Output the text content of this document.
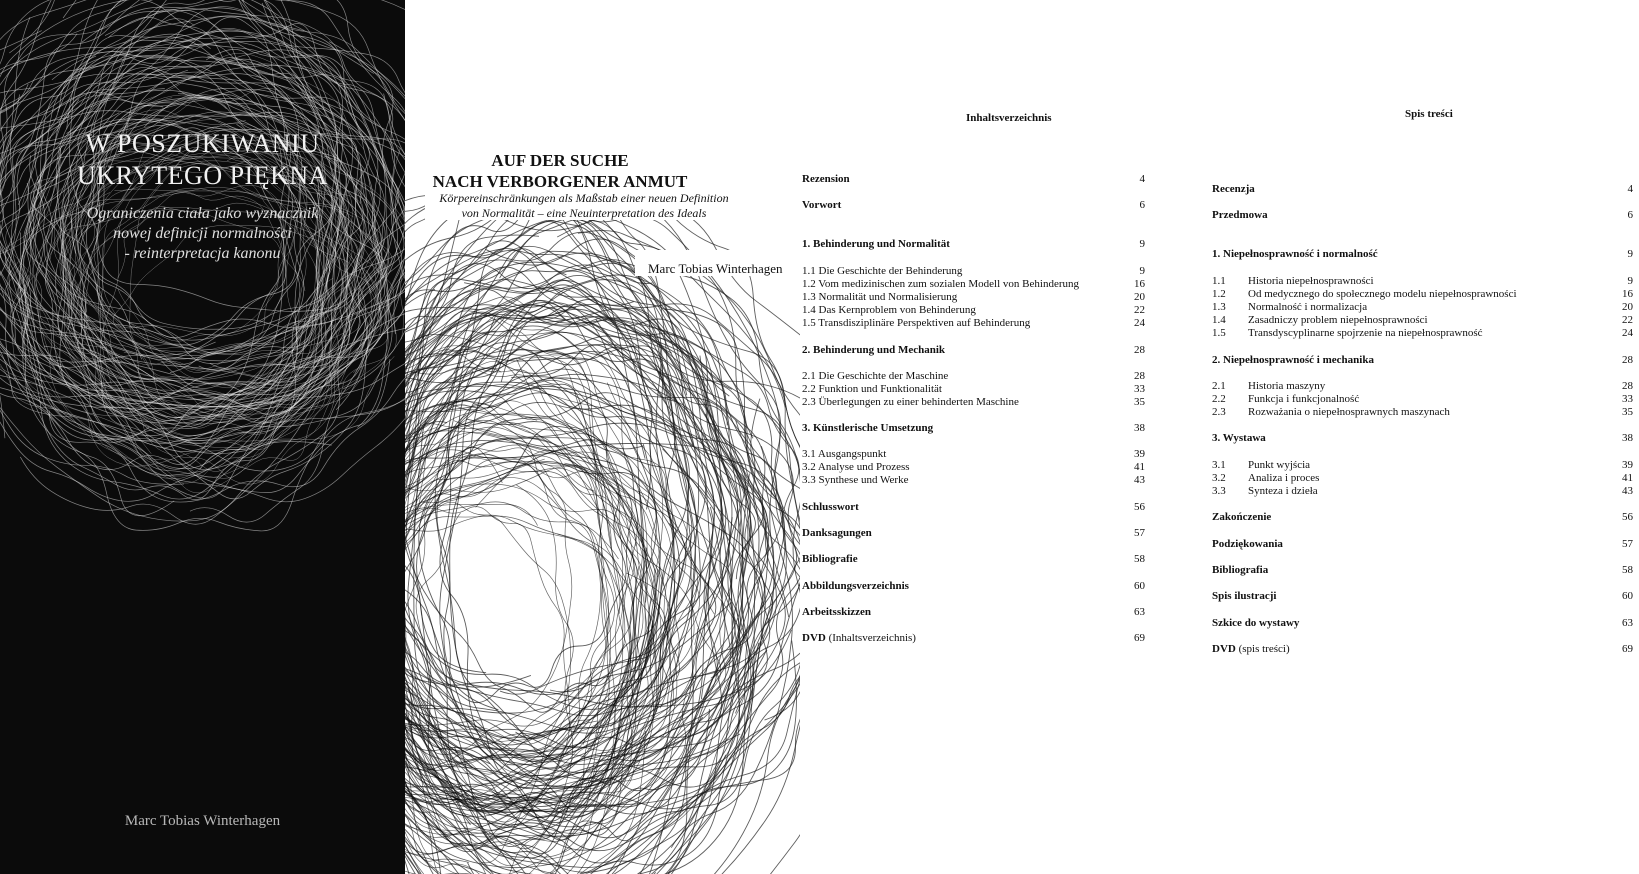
W POSZUKIWANIU
UKRYTEGO PIĘKNA
Ograniczenia ciała jako wyznacznik
nowej definicji normalności
- reinterpretacja kanonu
Marc Tobias Winterhagen
AUF DER SUCHE
NACH VERBORGENER ANMUT
Körpereinschränkungen als Maßstab einer neuen Definition
von Normalität – eine Neuinterpretation des Ideals
Marc Tobias Winterhagen
Inhaltsverzeichnis
Rezension	4
Vorwort	6
1. Behinderung und Normalität	9
1.1 Die Geschichte der Behinderung	9
1.2 Vom medizinischen zum sozialen Modell von Behinderung	16
1.3 Normalität und Normalisierung	20
1.4 Das Kernproblem von Behinderung	22
1.5 Transdisziplinäre Perspektiven auf Behinderung	24
2. Behinderung und Mechanik	28
2.1 Die Geschichte der Maschine	28
2.2 Funktion und Funktionalität	33
2.3 Überlegungen zu einer behinderten Maschine	35
3. Künstlerische Umsetzung	38
3.1 Ausgangspunkt	39
3.2 Analyse und Prozess	41
3.3 Synthese und Werke	43
Schlusswort	56
Danksagungen	57
Bibliografie	58
Abbildungsverzeichnis	60
Arbeitsskizzen	63
DVD (Inhaltsverzeichnis)	69
Spis treści
Recenzja	4
Przedmowa	6
1. Niepełnosprawność i normalność	9
1.1 Historia niepełnosprawności	9
1.2 Od medycznego do społecznego modelu niepełnosprawności	16
1.3 Normalność i normalizacja	20
1.4 Zasadniczy problem niepełnosprawności	22
1.5 Transdyscyplinarne spojrzenie na niepełnosprawność	24
2. Niepełnosprawność i mechanika	28
2.1 Historia maszyny	28
2.2 Funkcja i funkcjonalność	33
2.3 Rozważania o niepełnosprawnych maszynach	35
3. Wystawa	38
3.1 Punkt wyjścia	39
3.2 Analiza i proces	41
3.3 Synteza i dzieła	43
Zakończenie	56
Podziękowania	57
Bibliografia	58
Spis ilustracji	60
Szkice do wystawy	63
DVD (spis treści)	69
